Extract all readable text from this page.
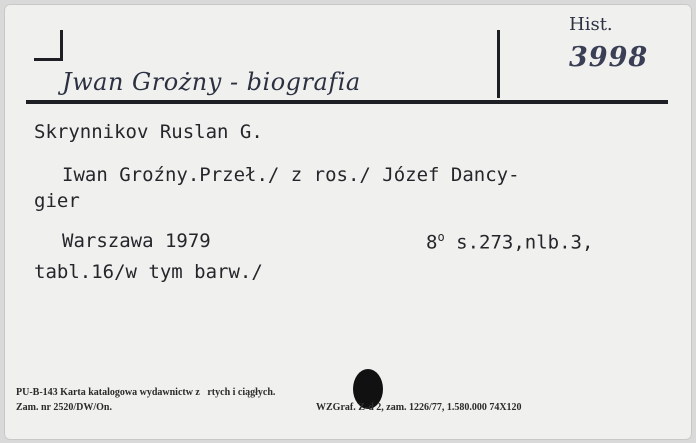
Jwan Grożny - biografia
Hist.
3998
Skrynnikov Ruslan G.
Iwan Groźny.Przeł./ z ros./ Józef Dancy-
gier
Warszawa 1979	8$^o$ s.273,nlb.3,
tabl.16/w tym barw./
PU-B-143 Karta katalogowa wydawnictw z   rtych i ciągłych.
Zam. nr 2520/DW/On.	WZGraf. Z-d 2, zam. 1226/77, 1.580.000 74X120
